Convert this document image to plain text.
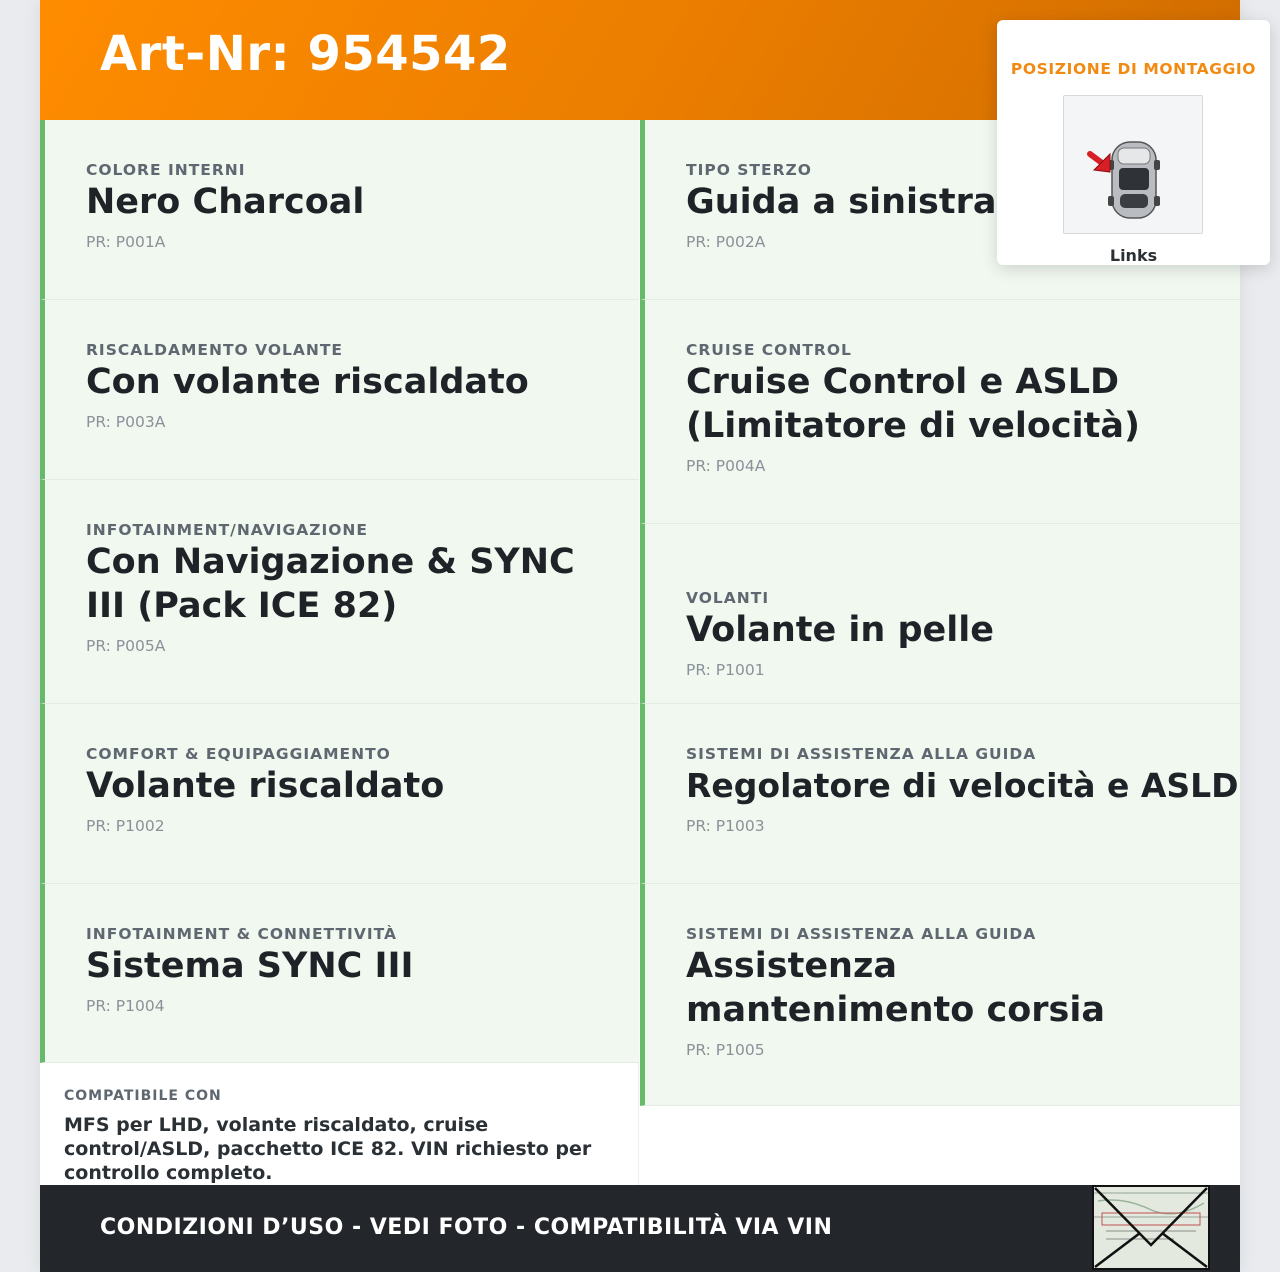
Art-Nr: 954542
COLORE INTERNI
Nero Charcoal
PR: P001A
RISCALDAMENTO VOLANTE
Con volante riscaldato
PR: P003A
INFOTAINMENT/NAVIGAZIONE
Con Navigazione & SYNC III (Pack ICE 82)
PR: P005A
COMFORT & EQUIPAGGIAMENTO
Volante riscaldato
PR: P1002
INFOTAINMENT & CONNETTIVITÀ
Sistema SYNC III
PR: P1004
TIPO STERZO
Guida a sinistra
PR: P002A
CRUISE CONTROL
Cruise Control e ASLD (Limitatore di velocità)
PR: P004A
VOLANTI
Volante in pelle
PR: P1001
SISTEMI DI ASSISTENZA ALLA GUIDA
Regolatore di velocità e ASLD
PR: P1003
SISTEMI DI ASSISTENZA ALLA GUIDA
Assistenza mantenimento corsia
PR: P1005
COMPATIBILE CON
MFS per LHD, volante riscaldato, cruise control/ASLD, pacchetto ICE 82. VIN richiesto per controllo completo.
CONDIZIONI D’USO - VEDI FOTO - COMPATIBILITÀ VIA VIN
POSIZIONE DI MONTAGGIO
Links
